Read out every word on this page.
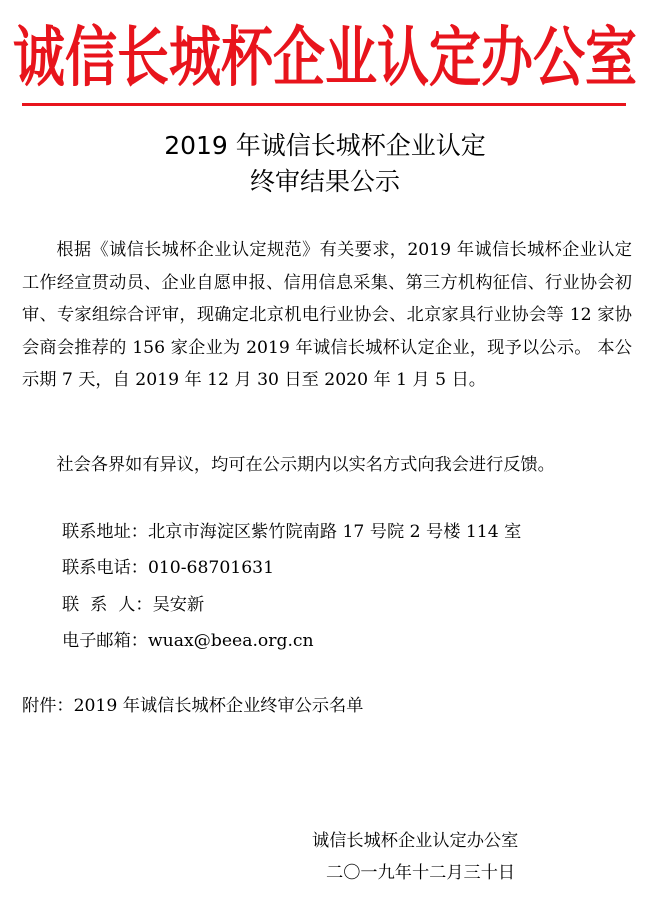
诚信长城杯企业认定办公室
2019 年诚信长城杯企业认定
终审结果公示

根据《诚信长城杯企业认定规范》有关要求，2019 年诚信长城杯企业认定工作经宣贯动员、企业自愿申报、信用信息采集、第三方机构征信、行业协会初审、专家组综合评审，现确定北京机电行业协会、北京家具行业协会等 12 家协会商会推荐的 156 家企业为 2019 年诚信长城杯认定企业，现予以公示。 本公示期 7 天，自 2019 年 12 月 30 日至 2020 年 1 月 5 日。

社会各界如有异议，均可在公示期内以实名方式向我会进行反馈。

联系地址：北京市海淀区紫竹院南路 17 号院 2 号楼 114 室
联系电话：010-68701631
联  系  人：吴安新
电子邮箱：wuax@beea.org.cn
附件：2019 年诚信长城杯企业终审公示名单
诚信长城杯企业认定办公室
二〇一九年十二月三十日
